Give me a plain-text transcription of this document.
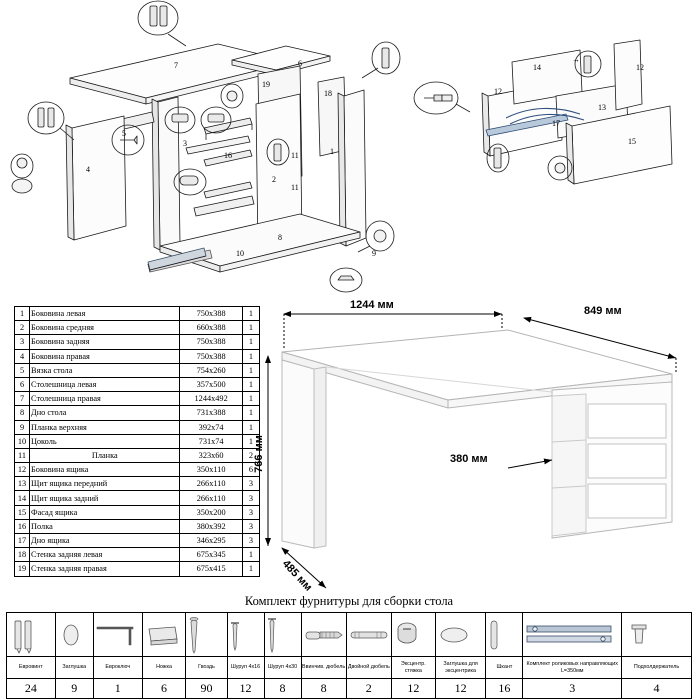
7	6
19
18
1
5
3
16
4
10
8
2
11
11
9
12
14	12
13
17
15
→
1	Боковина левая	750x388	1
2	Боковина средняя	660x388	1
3	Боковина задняя	750x388	1
4	Боковина правая	750x388	1
5	Вязка стола	754x260	1
6	Столешница левая	357x500	1
7	Столешница правая	1244x492	1
8	Дно стола	731x388	1
9	Планка верхняя	392x74	1
10	Цоколь	731x74	1
11	Планка	323x60	2
12	Боковина ящика	350x110	6
13	Щит ящика передний	266x110	3
14	Щит ящика задний	266x110	3
15	Фасад ящика	350x200	3
16	Полка	380x392	3
17	Дно ящика	346x295	3
18	Стенка задняя левая	675x345	1
19	Стенка задняя правая	675x415	1
1244 мм	849 мм
766 мм	380 мм
485 мм
Комплект фурнитуры для сборки стола

Евровинт	Заглушка	Евроключ	Ножка	Гвоздь	Шуруп 4x16	Шуруп 4x30	Ввинчив. дюбель	Двойной дюбель	Эксцентр. стяжка	Заглушка для эксцентрика	Шкант	Комплект роликовых направляющих L=350мм	Подхолдержатель
24	9	1	6	90	12	8	8	2	12	12	16	3	4
